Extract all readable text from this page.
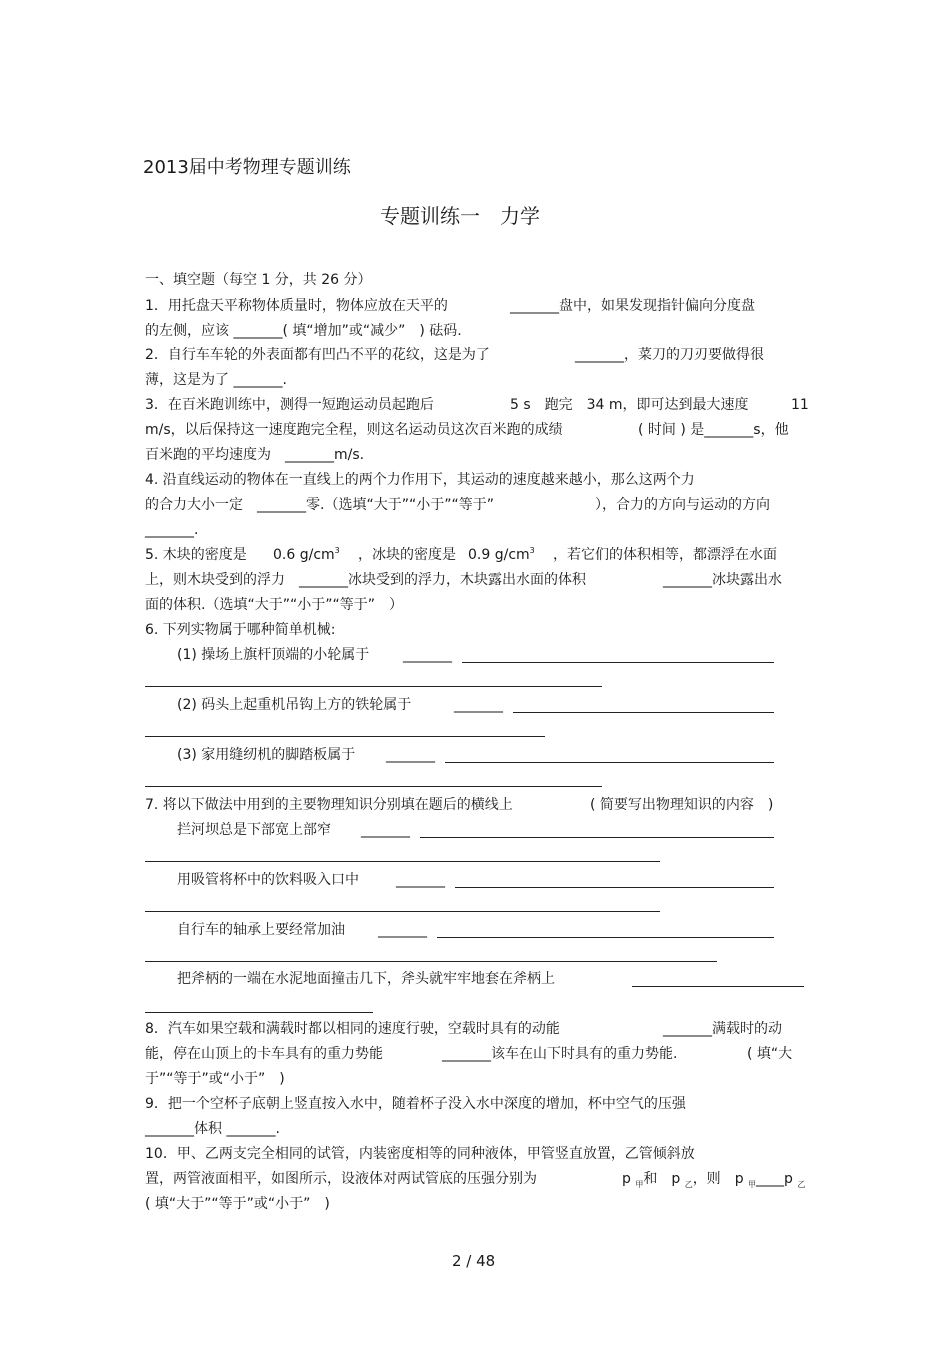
2013届中考物理专题训练
专题训练一　力学
一、填空题（每空 1 分，共 26 分）
1．用托盘天平称物体质量时，物体应放在天平的	_______盘中，如果发现指针偏向分度盘
的左侧，应该 _______( 填“增加”或“减少”　) 砝码.
2．自行车车轮的外表面都有凹凸不平的花纹，这是为了	_______，菜刀的刀刃要做得很
薄，这是为了 _______.
3．在百米跑训练中，测得一短跑运动员起跑后	5 s　跑完　34 m，即可达到最大速度	11
m/s，以后保持这一速度跑完全程，则这名运动员这次百米跑的成绩	( 时间 ) 是_______s，他
百米跑的平均速度为　_______m/s.
4. 沿直线运动的物体在一直线上的两个力作用下，其运动的速度越来越小，那么这两个力
的合力大小一定　_______零.（选填“大于”“小于”“等于”	），合力的方向与运动的方向
_______.
5. 木块的密度是 0.6 $g/cm^3$ ，冰块的密度是 0.9 $g/cm^3$ ，若它们的体积相等，都漂浮在水面
上，则木块受到的浮力　_______冰块受到的浮力，木块露出水面的体积	_______冰块露出水
面的体积.（选填“大于”“小于”“等于”　）
6. 下列实物属于哪种简单机械:
(1) 操场上旗杆顶端的小轮属于 _______
(2) 码头上起重机吊钩上方的铁轮属于	_______
(3) 家用缝纫机的脚踏板属于 _______
7. 将以下做法中用到的主要物理知识分别填在题后的横线上	( 简要写出物理知识的内容　)
拦河坝总是下部宽上部窄 _______
用吸管将杯中的饮料吸入口中	_______
自行车的轴承上要经常加油 _______
把斧柄的一端在水泥地面撞击几下，斧头就牢牢地套在斧柄上
8．汽车如果空载和满载时都以相同的速度行驶，空载时具有的动能	_______满载时的动
能，停在山顶上的卡车具有的重力势能	_______该车在山下时具有的重力势能.	( 填“大
于”“等于”或“小于”　)
9．把一个空杯子底朝上竖直按入水中，随着杯子没入水中深度的增加，杯中空气的压强
_______体积 _______.
10．甲、乙两支完全相同的试管，内装密度相等的同种液体，甲管竖直放置，乙管倾斜放
置，两管液面相平，如图所示，设液体对两试管底的压强分别为	p $_甲$和　 p $_乙$，则　 p $_甲$____p $_乙$
( 填“大于”“等于”或“小于”　)
2 / 48
